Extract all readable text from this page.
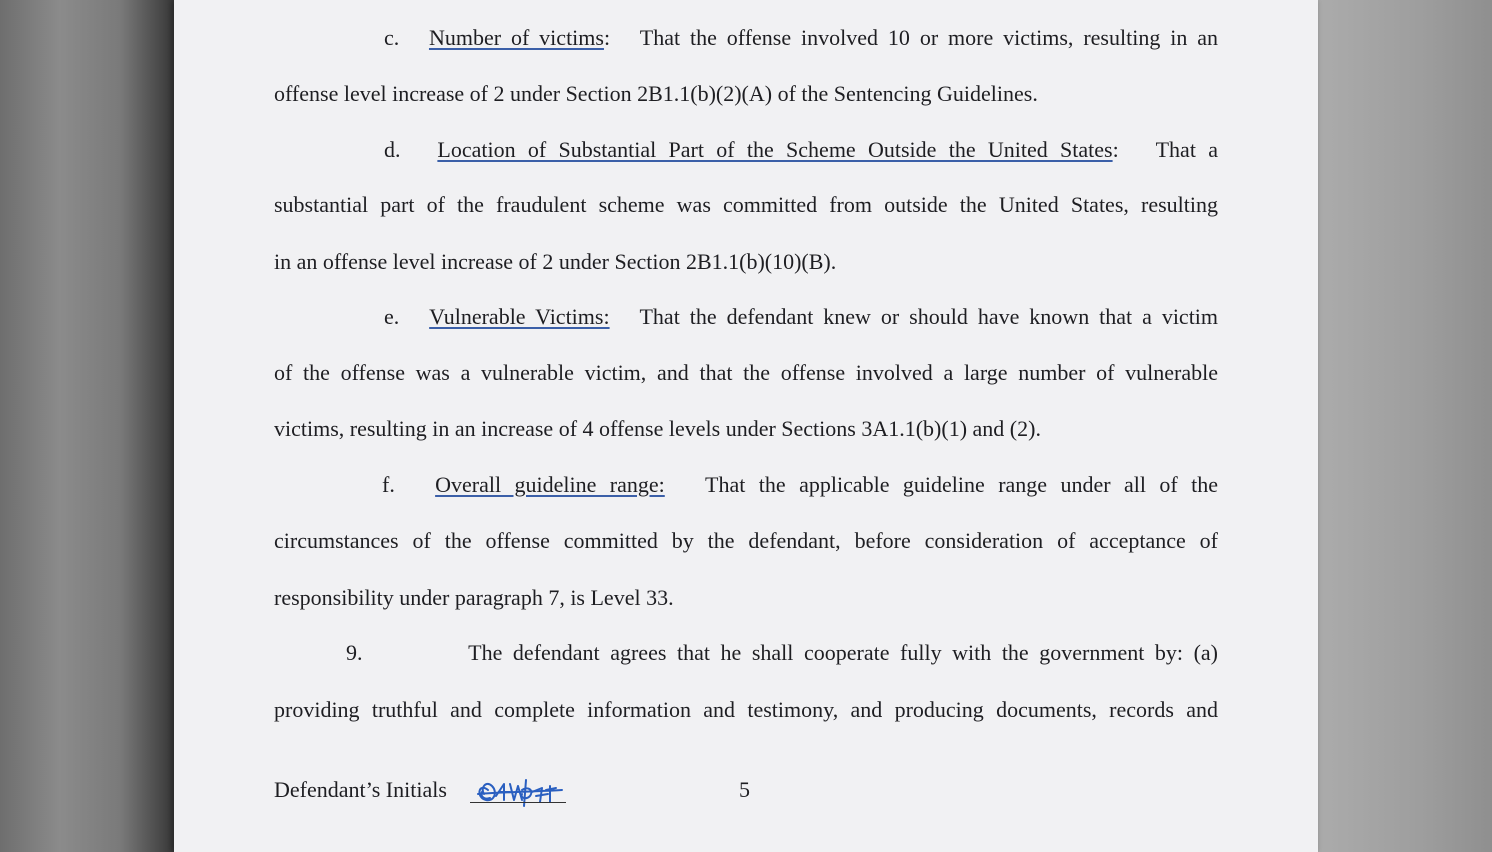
c. Number of victims: That the offense involved 10 or more victims, resulting in an
offense level increase of 2 under Section 2B1.1(b)(2)(A) of the Sentencing Guidelines.
d. Location of Substantial Part of the Scheme Outside the United States: That a
substantial part of the fraudulent scheme was committed from outside the United States, resulting
in an offense level increase of 2 under Section 2B1.1(b)(10)(B).
e. Vulnerable Victims: That the defendant knew or should have known that a victim
of the offense was a vulnerable victim, and that the offense involved a large number of vulnerable
victims, resulting in an increase of 4 offense levels under Sections 3A1.1(b)(1) and (2).
f. Overall guideline range: That the applicable guideline range under all of the
circumstances of the offense committed by the defendant, before consideration of acceptance of
responsibility under paragraph 7, is Level 33.
9.	The defendant agrees that he shall cooperate fully with the government by: (a)
providing truthful and complete information and testimony, and producing documents, records and
Defendant’s Initials	5
